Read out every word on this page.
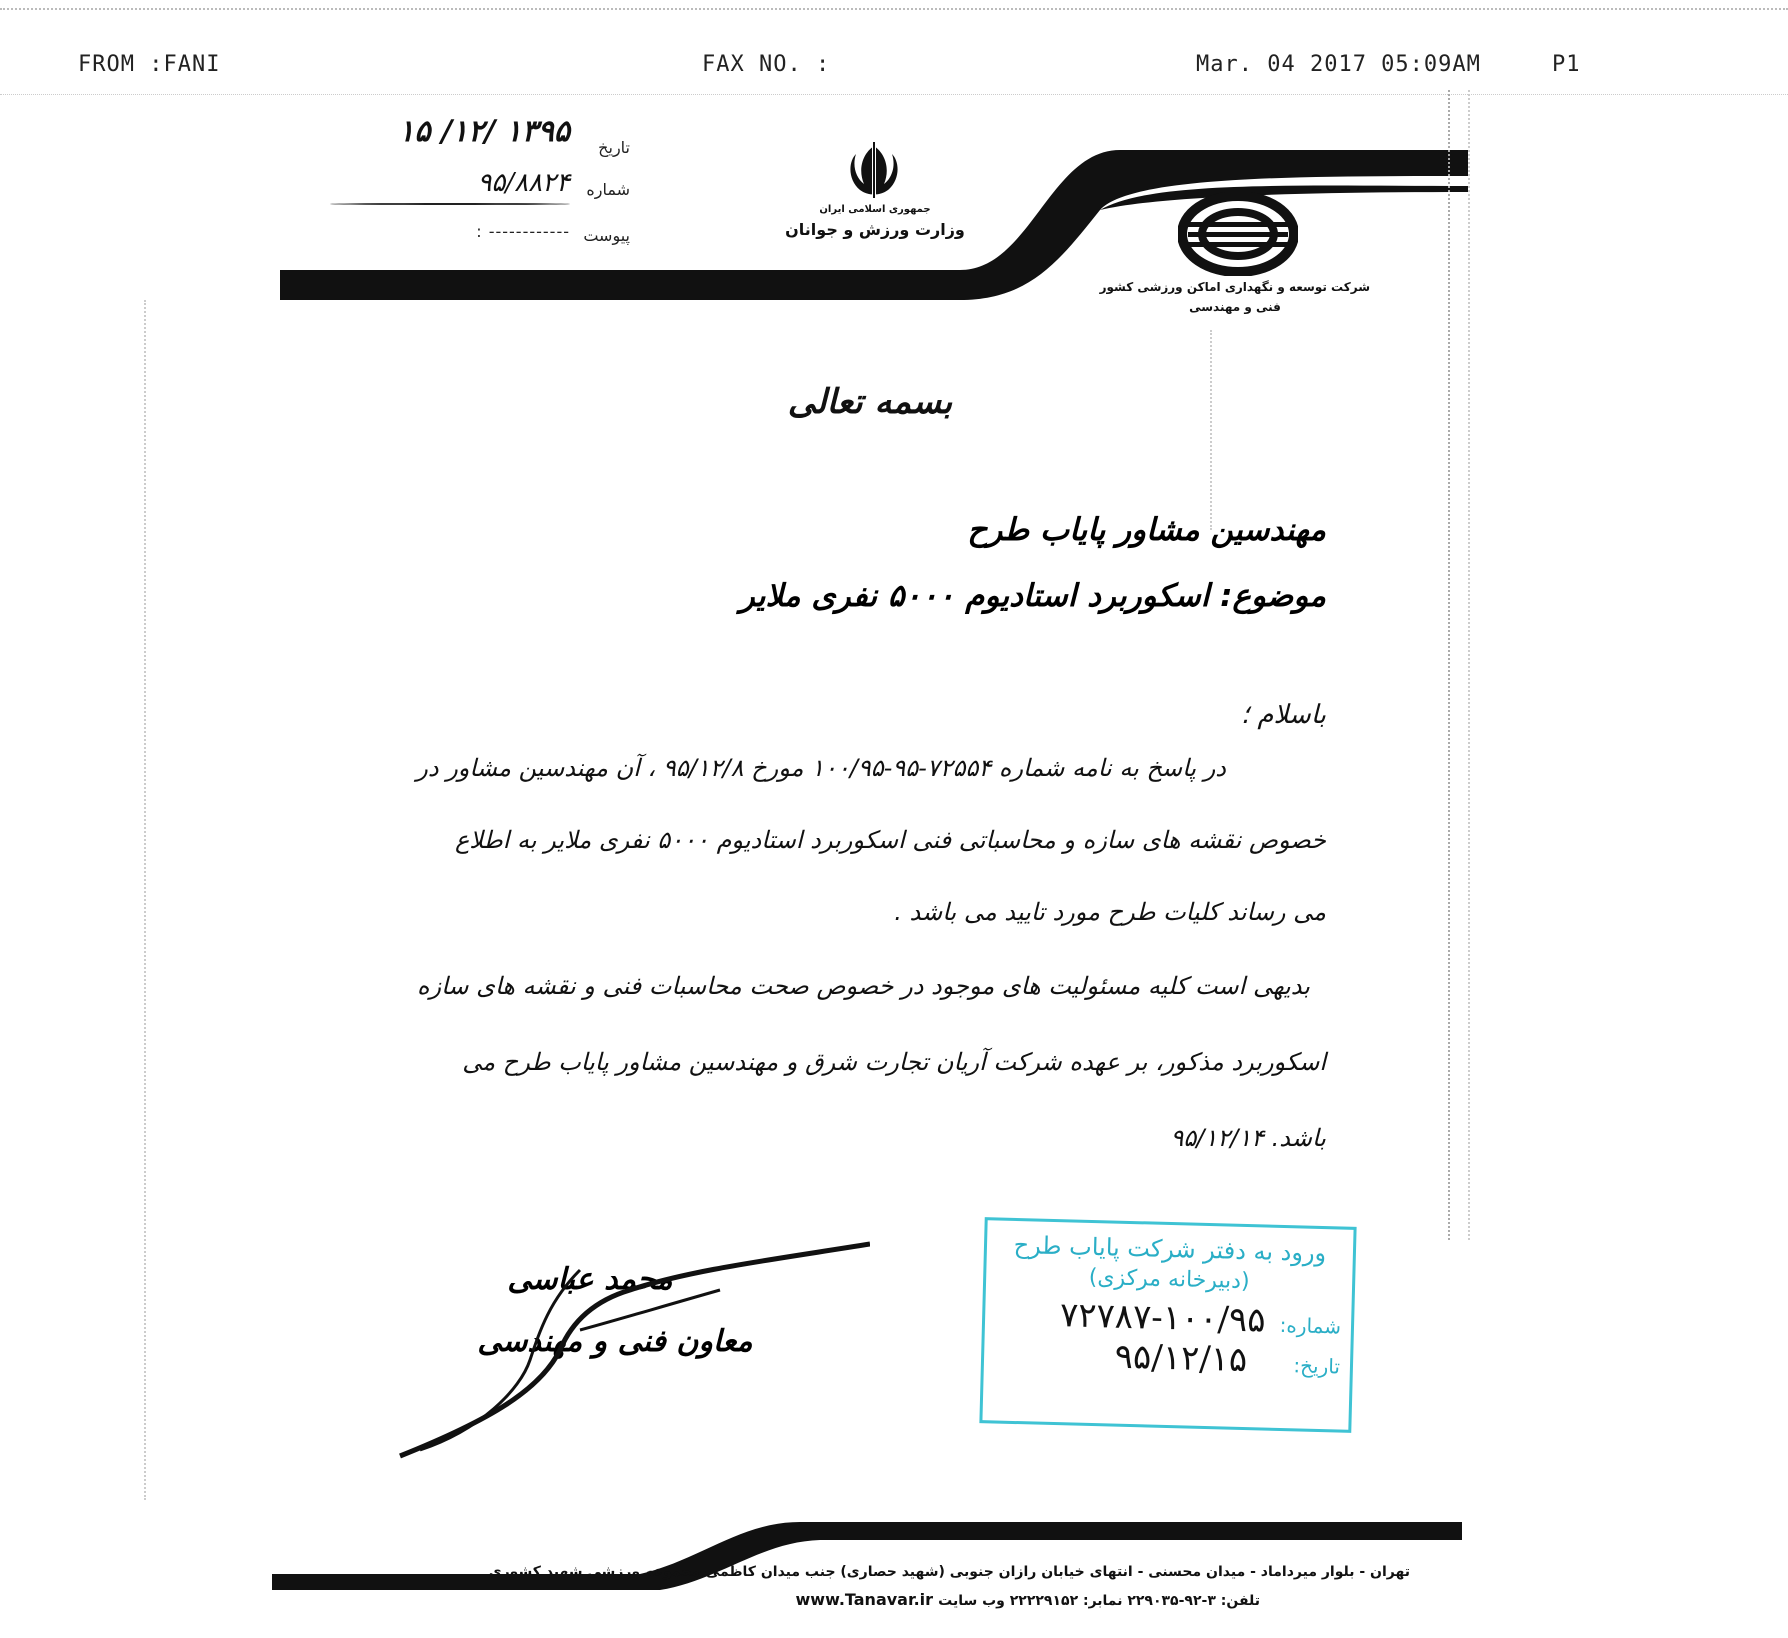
FROM :FANI	FAX NO. :	Mar. 04 2017 05:09AM	P1
تاریخ
۱۳۹۵ /۱۲/ ۱۵
شماره
۹۵/۸۸۲۴
پیوست
------------ :
جمهوری اسلامی ایران
وزارت ورزش و جوانان
شرکت توسعه و نگهداری اماکن ورزشی کشور
فنی و مهندسی
بسمه تعالی
مهندسین مشاور پایاب طرح
موضوع: اسکوربرد استادیوم ۵۰۰۰ نفری ملایر
باسلام ؛
در پاسخ به نامه شماره ۷۲۵۵۴-۹۵-۱۰۰/۹۵ مورخ ۹۵/۱۲/۸ ، آن مهندسین مشاور در
خصوص نقشه های سازه و محاسباتی فنی اسکوربرد استادیوم ۵۰۰۰ نفری ملایر به اطلاع
می رساند کلیات طرح مورد تایید می باشد .
بدیهی است کلیه مسئولیت های موجود در خصوص صحت محاسبات فنی و نقشه های سازه
اسکوربرد مذکور، بر عهده شرکت آریان تجارت شرق و مهندسین مشاور پایاب طرح می
باشد. ۹۵/۱۲/۱۴
محمد عباسی
معاون فنی و مهندسی
ورود به دفتر شرکت پایاب طرح
(دبیرخانه مرکزی)
شماره: ۱۰۰/۹۵-۷۲۷۸۷
تاریخ: ۹۵/۱۲/۱۵
تهران - بلوار میرداماد - میدان محسنی - انتهای خیابان رازان جنوبی (شهید حصاری) جنب میدان کاظمی-مجموعه ورزشی شهید کشوری
تلفن: ۳-۹۲-۲۲۹۰۳۵ نمابر: ۲۲۲۲۹۱۵۲ وب سایت www.Tanavar.ir
